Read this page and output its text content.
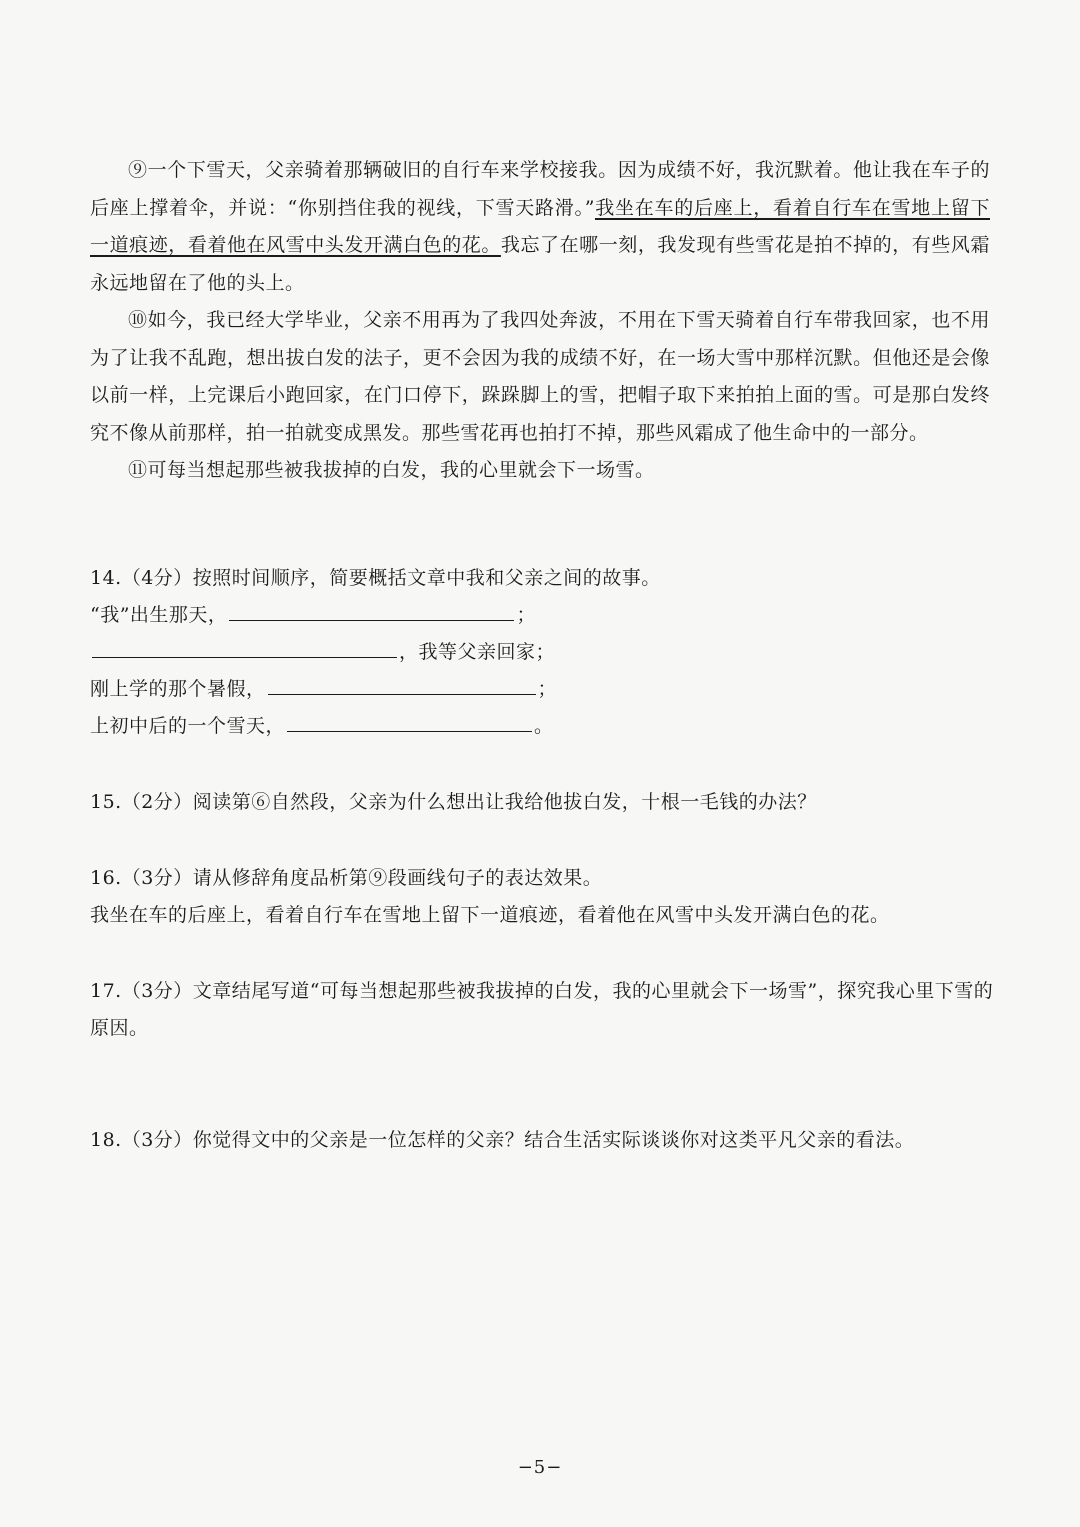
⑨一个下雪天，父亲骑着那辆破旧的自行车来学校接我。因为成绩不好，我沉默着。他让我在车子的后座上撑着伞，并说：“你别挡住我的视线，下雪天路滑。”我坐在车的后座上，看着自行车在雪地上留下一道痕迹，看着他在风雪中头发开满白色的花。我忘了在哪一刻，我发现有些雪花是拍不掉的，有些风霜永远地留在了他的头上。

⑩如今，我已经大学毕业，父亲不用再为了我四处奔波，不用在下雪天骑着自行车带我回家，也不用为了让我不乱跑，想出拔白发的法子，更不会因为我的成绩不好，在一场大雪中那样沉默。但他还是会像以前一样，上完课后小跑回家，在门口停下，跺跺脚上的雪，把帽子取下来拍拍上面的雪。可是那白发终究不像从前那样，拍一拍就变成黑发。那些雪花再也拍打不掉，那些风霜成了他生命中的一部分。

⑪可每当想起那些被我拔掉的白发，我的心里就会下一场雪。

14.（4分）按照时间顺序，简要概括文章中我和父亲之间的故事。

“我”出生那天，	；

，我等父亲回家；

刚上学的那个暑假，	；

上初中后的一个雪天，	。

15.（2分）阅读第⑥自然段，父亲为什么想出让我给他拔白发，十根一毛钱的办法？

16.（3分）请从修辞角度品析第⑨段画线句子的表达效果。

我坐在车的后座上，看着自行车在雪地上留下一道痕迹，看着他在风雪中头发开满白色的花。

17.（3分）文章结尾写道“可每当想起那些被我拔掉的白发，我的心里就会下一场雪”，探究我心里下雪的原因。

18.（3分）你觉得文中的父亲是一位怎样的父亲？结合生活实际谈谈你对这类平凡父亲的看法。

−5−
